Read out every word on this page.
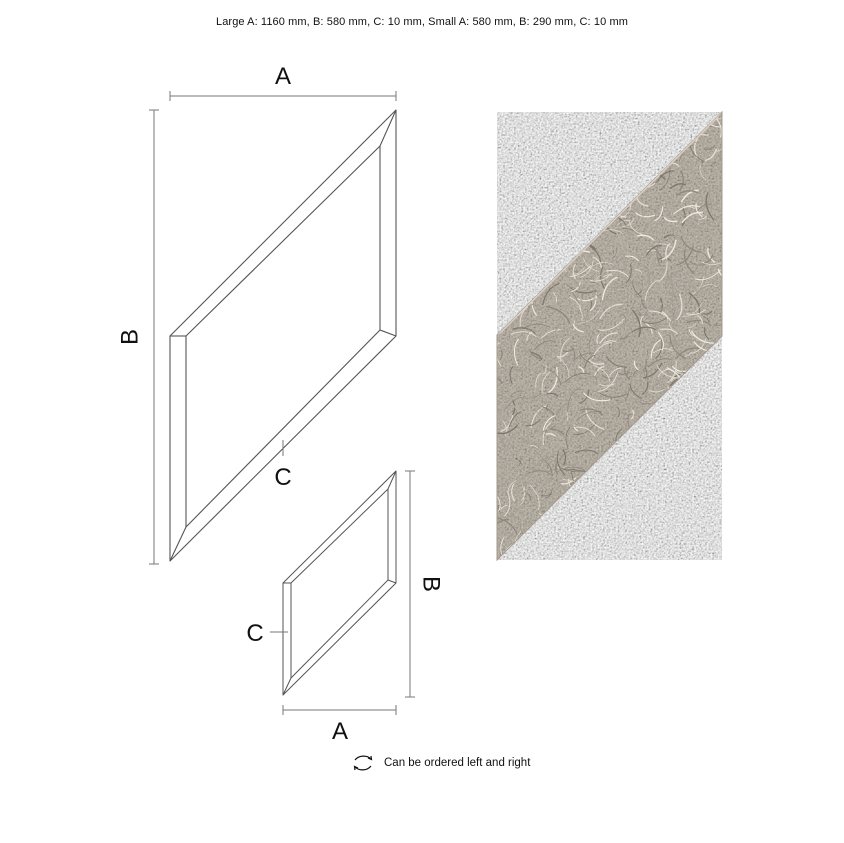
Large A: 1160 mm, B: 580 mm, C: 10 mm, Small A: 580 mm, B: 290 mm, C: 10 mm
A
B
C
B
C
A
Can be ordered left and right
